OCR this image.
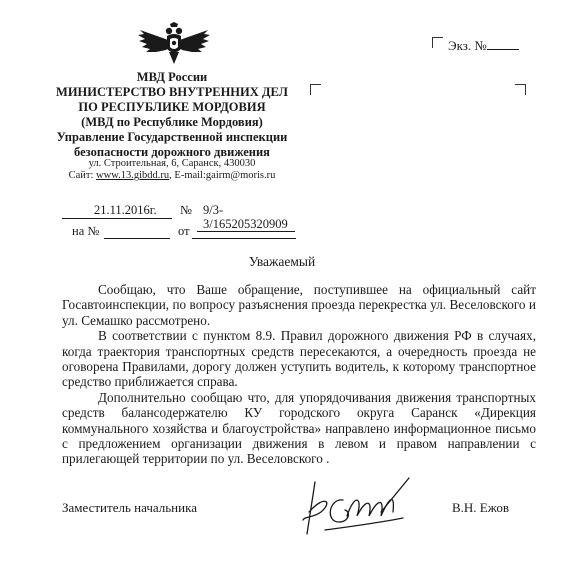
МВД России
МИНИСТЕРСТВО ВНУТРЕННИХ ДЕЛ
ПО РЕСПУБЛИКЕ МОРДОВИЯ
(МВД по Республике Мордовия)
Управление Государственной инспекции
безопасности дорожного движения
ул. Строительная, 6, Саранск, 430030
Сайт: www.13.gibdd.ru, E-mail:gairm@moris.ru
Экз. №
21.11.2016г. № 9/3-
3/165205320909
на №	от
Уважаемый

Сообщаю, что Ваше обращение, поступившее на официальный сайт Госавтоинспекции, по вопросу разъяснения проезда перекрестка ул. Веселовского и ул. Семашко рассмотрено.

В соответствии с пунктом 8.9. Правил дорожного движения РФ в случаях, когда траектория транспортных средств пересекаются, а очередность проезда не оговорена Правилами, дорогу должен уступить водитель, к которому транспортное средство приближается справа.

Дополнительно сообщаю что, для упорядочивания движения транспортных средств балансодержателю КУ городского округа Саранск «Дирекция коммунального хозяйства и благоустройства» направлено информационное письмо с предложением организации движения в левом и правом направлении с прилегающей территории по ул. Веселовского .

Заместитель начальника	В.Н. Ежов
